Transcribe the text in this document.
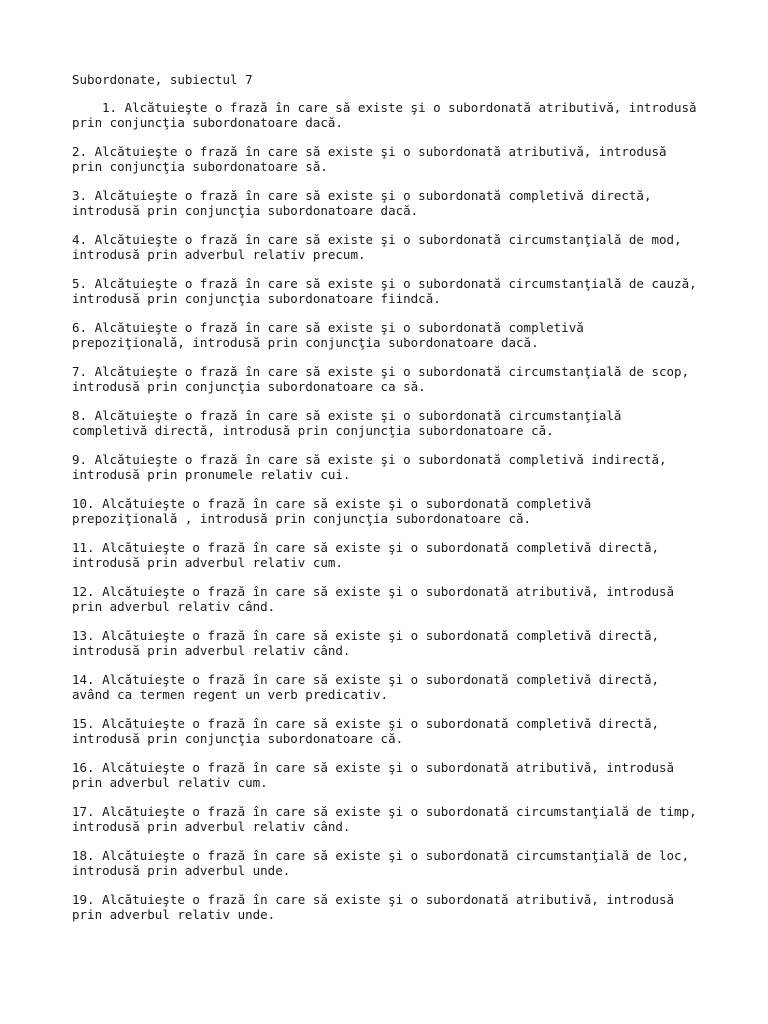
Subordonate, subiectul 7
1. Alcătuieşte o frază în care să existe şi o subordonată atributivă, introdusă
prin conjuncţia subordonatoare dacă.
2. Alcătuieşte o frază în care să existe şi o subordonată atributivă, introdusă
prin conjuncţia subordonatoare să.
3. Alcătuieşte o frază în care să existe şi o subordonată completivă directă,
introdusă prin conjuncţia subordonatoare dacă.
4. Alcătuieşte o frază în care să existe şi o subordonată circumstanţială de mod,
introdusă prin adverbul relativ precum.
5. Alcătuieşte o frază în care să existe şi o subordonată circumstanţială de cauză,
introdusă prin conjuncţia subordonatoare fiindcă.
6. Alcătuieşte o frază în care să existe şi o subordonată completivă
prepoziţională, introdusă prin conjuncţia subordonatoare dacă.
7. Alcătuieşte o frază în care să existe şi o subordonată circumstanţială de scop,
introdusă prin conjuncţia subordonatoare ca să.
8. Alcătuieşte o frază în care să existe şi o subordonată circumstanţială
completivă directă, introdusă prin conjuncţia subordonatoare că.
9. Alcătuieşte o frază în care să existe şi o subordonată completivă indirectă,
introdusă prin pronumele relativ cui.
10. Alcătuieşte o frază în care să existe şi o subordonată completivă
prepoziţională , introdusă prin conjuncţia subordonatoare că.
11. Alcătuieşte o frază în care să existe şi o subordonată completivă directă,
introdusă prin adverbul relativ cum.
12. Alcătuieşte o frază în care să existe şi o subordonată atributivă, introdusă
prin adverbul relativ când.
13. Alcătuieşte o frază în care să existe şi o subordonată completivă directă,
introdusă prin adverbul relativ când.
14. Alcătuieşte o frază în care să existe şi o subordonată completivă directă,
având ca termen regent un verb predicativ.
15. Alcătuieşte o frază în care să existe şi o subordonată completivă directă,
introdusă prin conjuncţia subordonatoare că.
16. Alcătuieşte o frază în care să existe şi o subordonată atributivă, introdusă
prin adverbul relativ cum.
17. Alcătuieşte o frază în care să existe şi o subordonată circumstanţială de timp,
introdusă prin adverbul relativ când.
18. Alcătuieşte o frază în care să existe şi o subordonată circumstanţială de loc,
introdusă prin adverbul unde.
19. Alcătuieşte o frază în care să existe şi o subordonată atributivă, introdusă
prin adverbul relativ unde.
